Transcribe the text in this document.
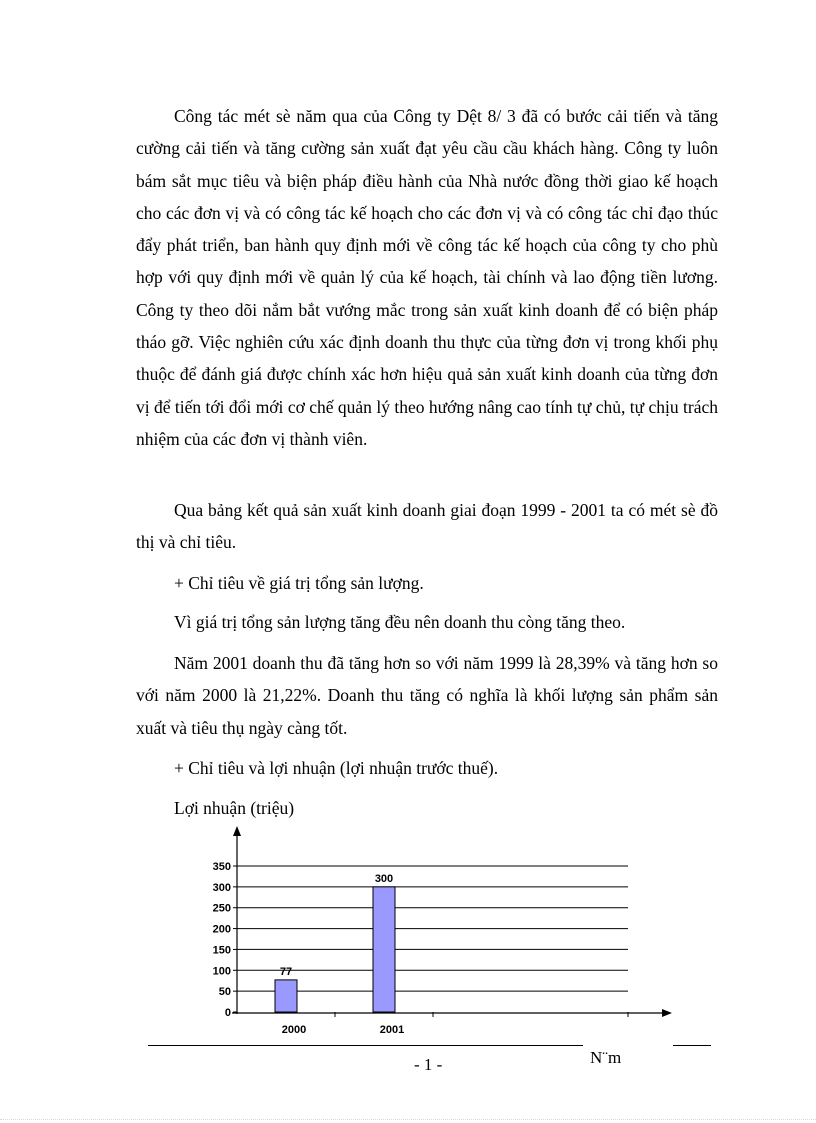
Công tác mét sè năm qua của Công ty Dệt 8/ 3 đã có bước cải tiến và tăng cường cải tiến và tăng cường sản xuất đạt yêu cầu cầu khách hàng. Công ty luôn bám sắt mục tiêu và biện pháp điều hành của Nhà nước đồng thời giao kế hoạch cho các đơn vị và có công tác kế hoạch cho các đơn vị và có công tác chỉ đạo thúc đẩy phát triển, ban hành quy định mới về công tác kế hoạch của công ty cho phù hợp với quy định mới về quản lý của kế hoạch, tài chính và lao động tiền lương. Công ty theo dõi nắm bắt vướng mắc trong sản xuất kinh doanh để có biện pháp tháo gỡ. Việc nghiên cứu xác định doanh thu thực của từng đơn vị trong khối phụ thuộc để đánh giá được chính xác hơn hiệu quả sản xuất kinh doanh của từng đơn vị để tiến tới đổi mới cơ chế quản lý theo hướng nâng cao tính tự chủ, tự chịu trách nhiệm của các đơn vị thành viên.

Qua bảng kết quả sản xuất kinh doanh giai đoạn 1999 - 2001 ta có mét sè đồ thị và chỉ tiêu.

+ Chỉ tiêu về giá trị tổng sản lượng.

Vì giá trị tổng sản lượng tăng đều nên doanh thu còng tăng theo.

Năm 2001 doanh thu đã tăng hơn so với năm 1999 là 28,39% và tăng hơn so với năm 2000 là 21,22%. Doanh thu tăng có nghĩa là khối lượng sản phẩm sản xuất và tiêu thụ ngày càng tốt.

+ Chỉ tiêu và lợi nhuận (lợi nhuận trước thuế).

77
300
0
50
100
150
200
250
300
350
2000	2001
Lợi nhuận (triệu)
- 1 -	N¨m
